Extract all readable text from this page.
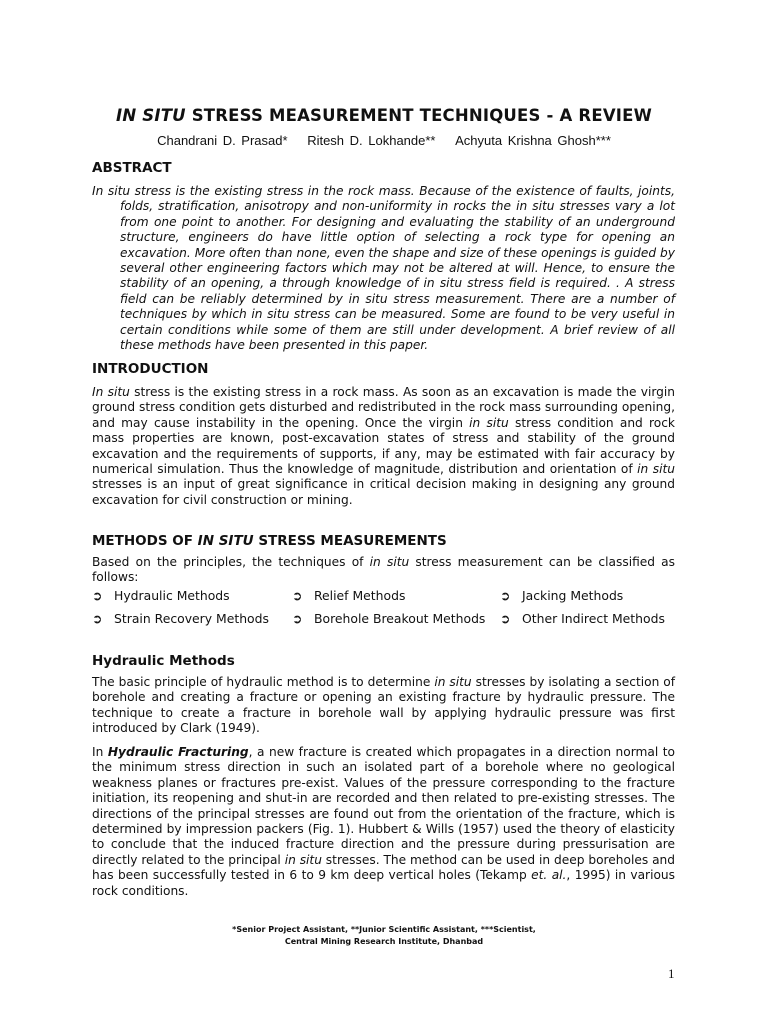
IN SITU STRESS MEASUREMENT TECHNIQUES - A REVIEW
Chandrani D. Prasad* Ritesh D. Lokhande** Achyuta Krishna Ghosh***
ABSTRACT

In situ stress is the existing stress in the rock mass. Because of the existence of faults, joints, folds, stratification, anisotropy and non-uniformity in rocks the in situ stresses vary a lot from one point to another. For designing and evaluating the stability of an underground structure, engineers do have little option of selecting a rock type for opening an excavation. More often than none, even the shape and size of these openings is guided by several other engineering factors which may not be altered at will. Hence, to ensure the stability of an opening, a through knowledge of in situ stress field is required. . A stress field can be reliably determined by in situ stress measurement. There are a number of techniques by which in situ stress can be measured. Some are found to be very useful in certain conditions while some of them are still under development. A brief review of all these methods have been presented in this paper.

INTRODUCTION

In situ stress is the existing stress in a rock mass. As soon as an excavation is made the virgin ground stress condition gets disturbed and redistributed in the rock mass surrounding opening, and may cause instability in the opening. Once the virgin in situ stress condition and rock mass properties are known, post-excavation states of stress and stability of the ground excavation and the requirements of supports, if any, may be estimated with fair accuracy by numerical simulation. Thus the knowledge of magnitude, distribution and orientation of in situ stresses is an input of great significance in critical decision making in designing any ground excavation for civil construction or mining.

METHODS OF IN SITU STRESS MEASUREMENTS

Based on the principles, the techniques of in situ stress measurement can be classified as follows:

➲ Hydraulic Methods	➲ Relief Methods	➲ Jacking Methods
➲ Strain Recovery Methods ➲ Borehole Breakout Methods ➲ Other Indirect Methods
Hydraulic Methods

The basic principle of hydraulic method is to determine in situ stresses by isolating a section of borehole and creating a fracture or opening an existing fracture by hydraulic pressure. The technique to create a fracture in borehole wall by applying hydraulic pressure was first introduced by Clark (1949).

In Hydraulic Fracturing, a new fracture is created which propagates in a direction normal to the minimum stress direction in such an isolated part of a borehole where no geological weakness planes or fractures pre-exist. Values of the pressure corresponding to the fracture initiation, its reopening and shut-in are recorded and then related to pre-existing stresses. The directions of the principal stresses are found out from the orientation of the fracture, which is determined by impression packers (Fig. 1). Hubbert & Wills (1957) used the theory of elasticity to conclude that the induced fracture direction and the pressure during pressurisation are directly related to the principal in situ stresses. The method can be used in deep boreholes and has been successfully tested in 6 to 9 km deep vertical holes (Tekamp et. al., 1995) in various rock conditions.

*Senior Project Assistant, **Junior Scientific Assistant, ***Scientist,
Central Mining Research Institute, Dhanbad
1
